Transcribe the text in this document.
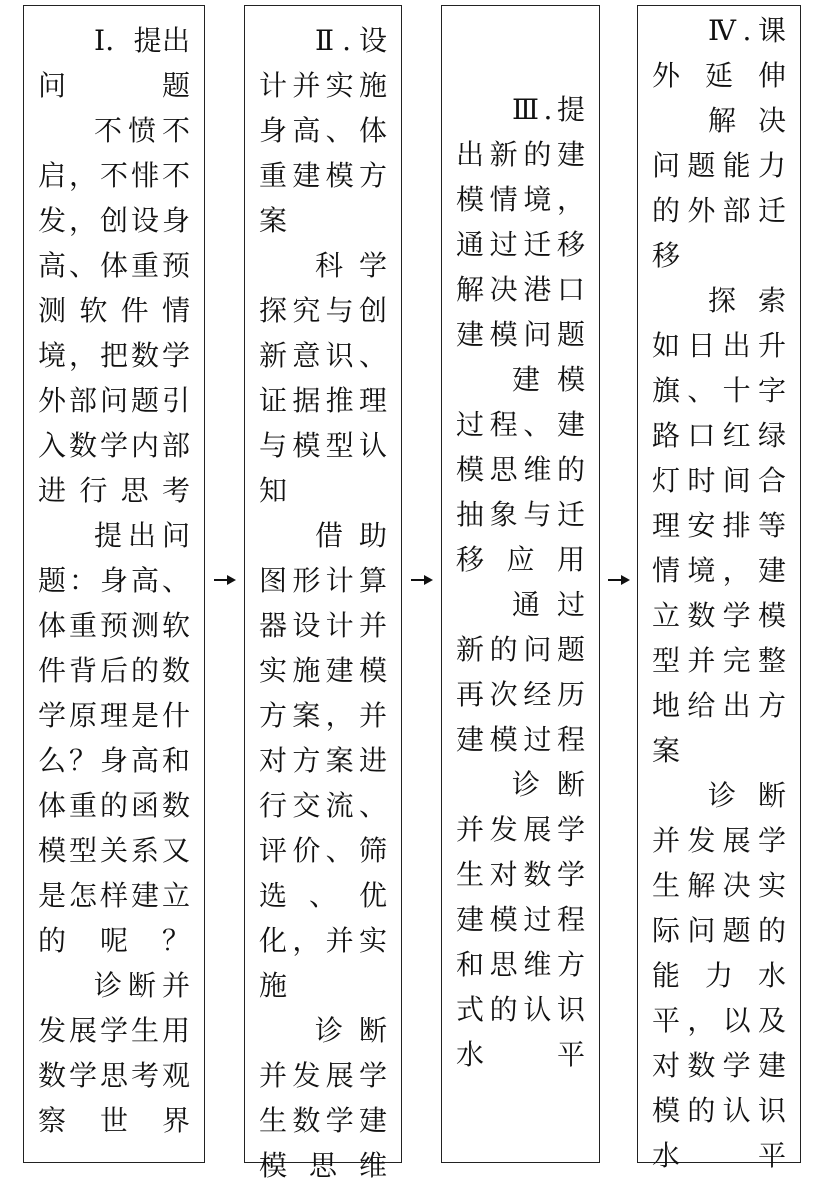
Ⅰ．提出问题

不愤不启，不悱不发，创设身高、体重预测软件情境，把数学外部问题引入数学内部进行思考

提出问题：身高、体重预测软件背后的数学原理是什么？身高和体重的函数模型关系又是怎样建立的呢？

诊断并发展学生用数学思考观察世界

Ⅱ.设计并实施身高、体重建模方案

科学探究与创新意识、证据推理与模型认知

借助图形计算器设计并实施建模方案，并对方案进行交流、评价、筛选、优化，并实施

诊断并发展学生数学建模思维

Ⅲ.提出新的建模情境，通过迁移解决港口建模问题

建模过程、建模思维的抽象与迁移应用

通过新的问题再次经历建模过程

诊断并发展学生对数学建模过程和思维方式的认识水平

Ⅳ.课外延伸

解决问题能力的外部迁移

探索如日出升旗、十字路口红绿灯时间合理安排等情境，建立数学模型并完整地给出方案

诊断并发展学生解决实际问题的能力水平，以及对数学建模的认识水平
